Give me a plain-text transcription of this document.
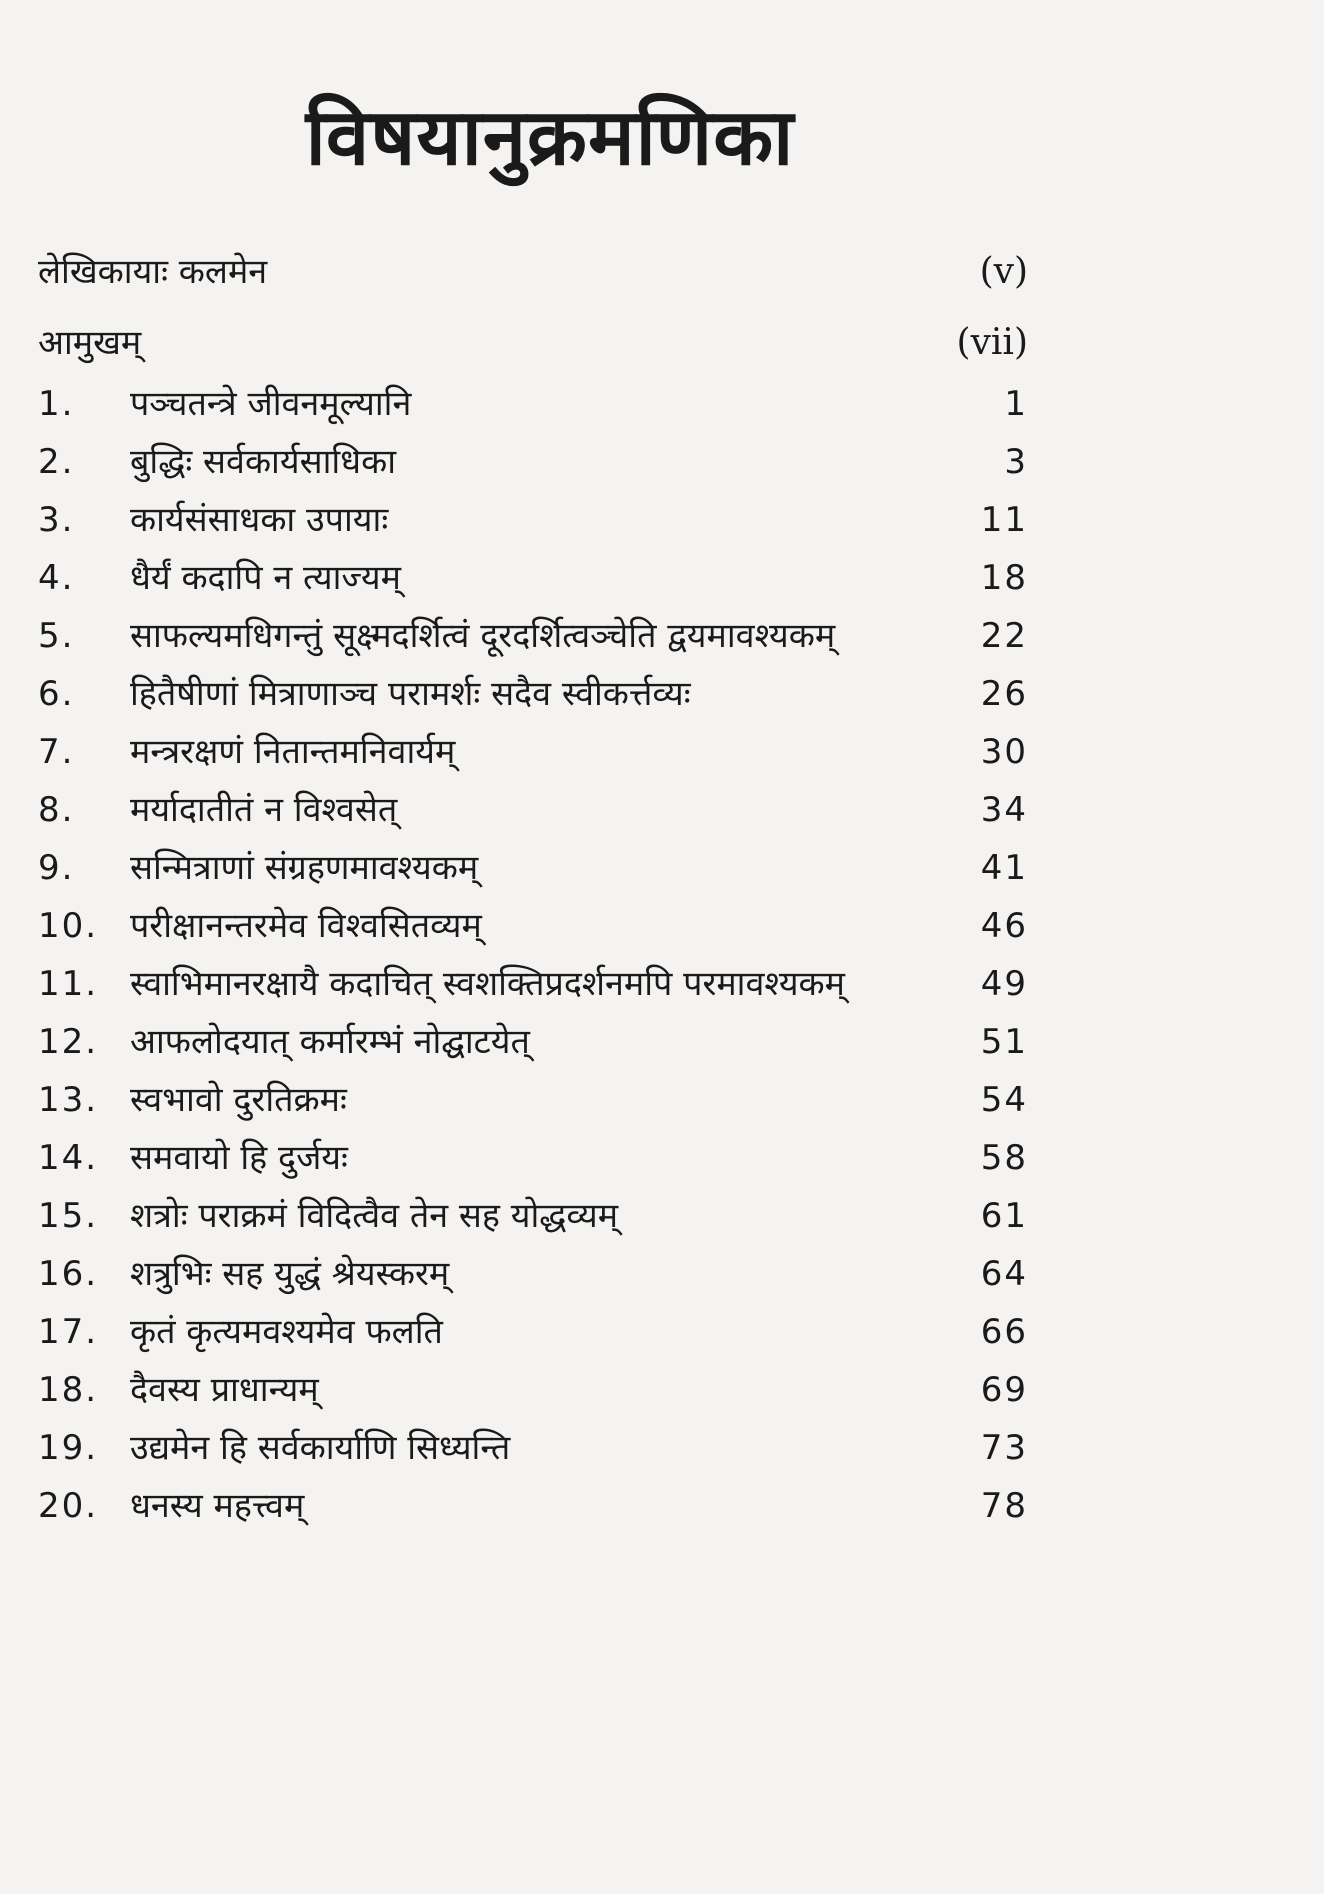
विषयानुक्रमणिका
लेखिकायाः कलमेन	(v)
आमुखम्	(vii)
1. पञ्चतन्त्रे जीवनमूल्यानि	1
2. बुद्धिः सर्वकार्यसाधिका	3
3. कार्यसंसाधका उपायाः	11
4. धैर्यं कदापि न त्याज्यम्	18
5. साफल्यमधिगन्तुं सूक्ष्मदर्शित्वं दूरदर्शित्वञ्चेति द्वयमावश्यकम्	22
6. हितैषीणां मित्राणाञ्च परामर्शः सदैव स्वीकर्त्तव्यः	26
7. मन्त्ररक्षणं नितान्तमनिवार्यम्	30
8. मर्यादातीतं न विश्वसेत्	34
9. सन्मित्राणां संग्रहणमावश्यकम्	41
10. परीक्षानन्तरमेव विश्वसितव्यम्	46
11. स्वाभिमानरक्षायै कदाचित् स्वशक्तिप्रदर्शनमपि परमावश्यकम्	49
12. आफलोदयात् कर्मारम्भं नोद्घाटयेत्	51
13. स्वभावो दुरतिक्रमः	54
14. समवायो हि दुर्जयः	58
15. शत्रोः पराक्रमं विदित्वैव तेन सह योद्धव्यम्	61
16. शत्रुभिः सह युद्धं श्रेयस्करम्	64
17. कृतं कृत्यमवश्यमेव फलति	66
18. दैवस्य प्राधान्यम्	69
19. उद्यमेन हि सर्वकार्याणि सिध्यन्ति	73
20. धनस्य महत्त्वम्	78
